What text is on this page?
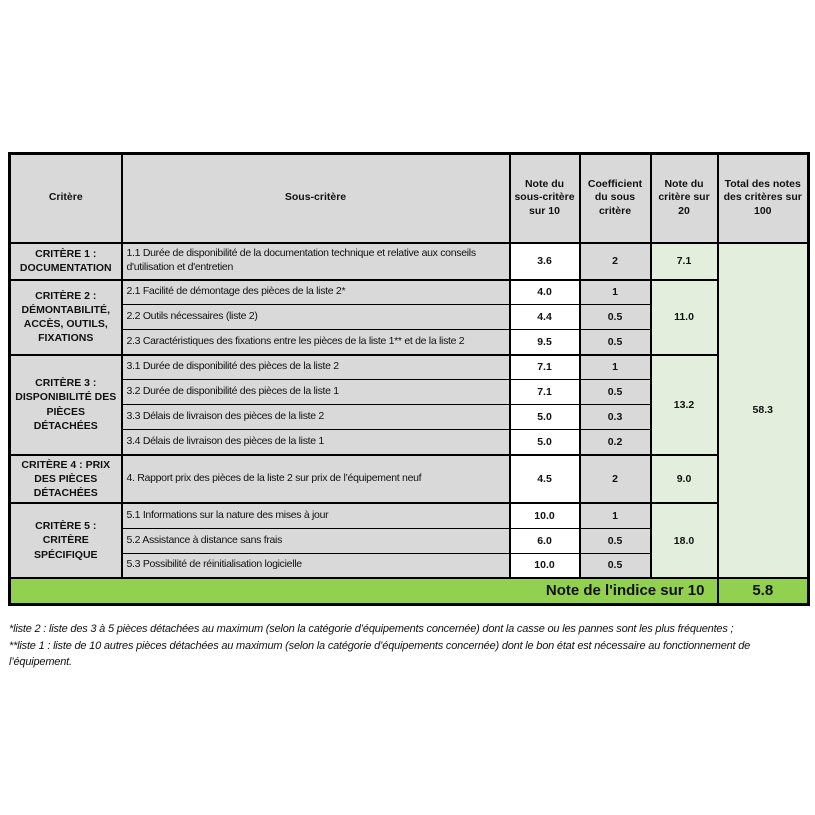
Critère	Sous-critère	Note du sous-critère sur 10	Coefficient du sous critère	Note du critère sur 20	Total des notes des critères sur 100
CRITÈRE 1 : DOCUMENTATION	1.1 Durée de disponibilité de la documentation technique et relative aux conseils d'utilisation et d'entretien	3.6	2	7.1	58.3
CRITÈRE 2 : DÉMONTABILITÉ, ACCÈS, OUTILS, FIXATIONS	2.1 Facilité de démontage des pièces de la liste 2*	4.0	1	11.0	
	2.2 Outils nécessaires (liste 2)	4.4	0.5		
	2.3 Caractéristiques des fixations entre les pièces de la liste 1** et de la liste 2	9.5	0.5		
CRITÈRE 3 : DISPONIBILITÉ DES PIÈCES DÉTACHÉES	3.1 Durée de disponibilité des pièces de la liste 2	7.1	1	13.2	
	3.2 Durée de disponibilité des pièces de la liste 1	7.1	0.5		
	3.3 Délais de livraison des pièces de la liste 2	5.0	0.3		
	3.4 Délais de livraison des pièces de la liste 1	5.0	0.2		
CRITÈRE 4 : PRIX DES PIÈCES DÉTACHÉES	4. Rapport prix des pièces de la liste 2 sur prix de l’équipement neuf	4.5	2	9.0	
CRITÈRE 5 : CRITÈRE SPÉCIFIQUE	5.1 Informations sur la nature des mises à jour	10.0	1	18.0	
	5.2 Assistance à distance sans frais	6.0	0.5		
	5.3 Possibilité de réinitialisation logicielle	10.0	0.5		
Note de l'indice sur 10					5.8
*liste 2 : liste des 3 à 5 pièces détachées au maximum (selon la catégorie d’équipements concernée) dont la casse ou les pannes sont les plus fréquentes ;
**liste 1 : liste de 10 autres pièces détachées au maximum (selon la catégorie d’équipements concernée) dont le bon état est nécessaire au fonctionnement de l’équipement.
